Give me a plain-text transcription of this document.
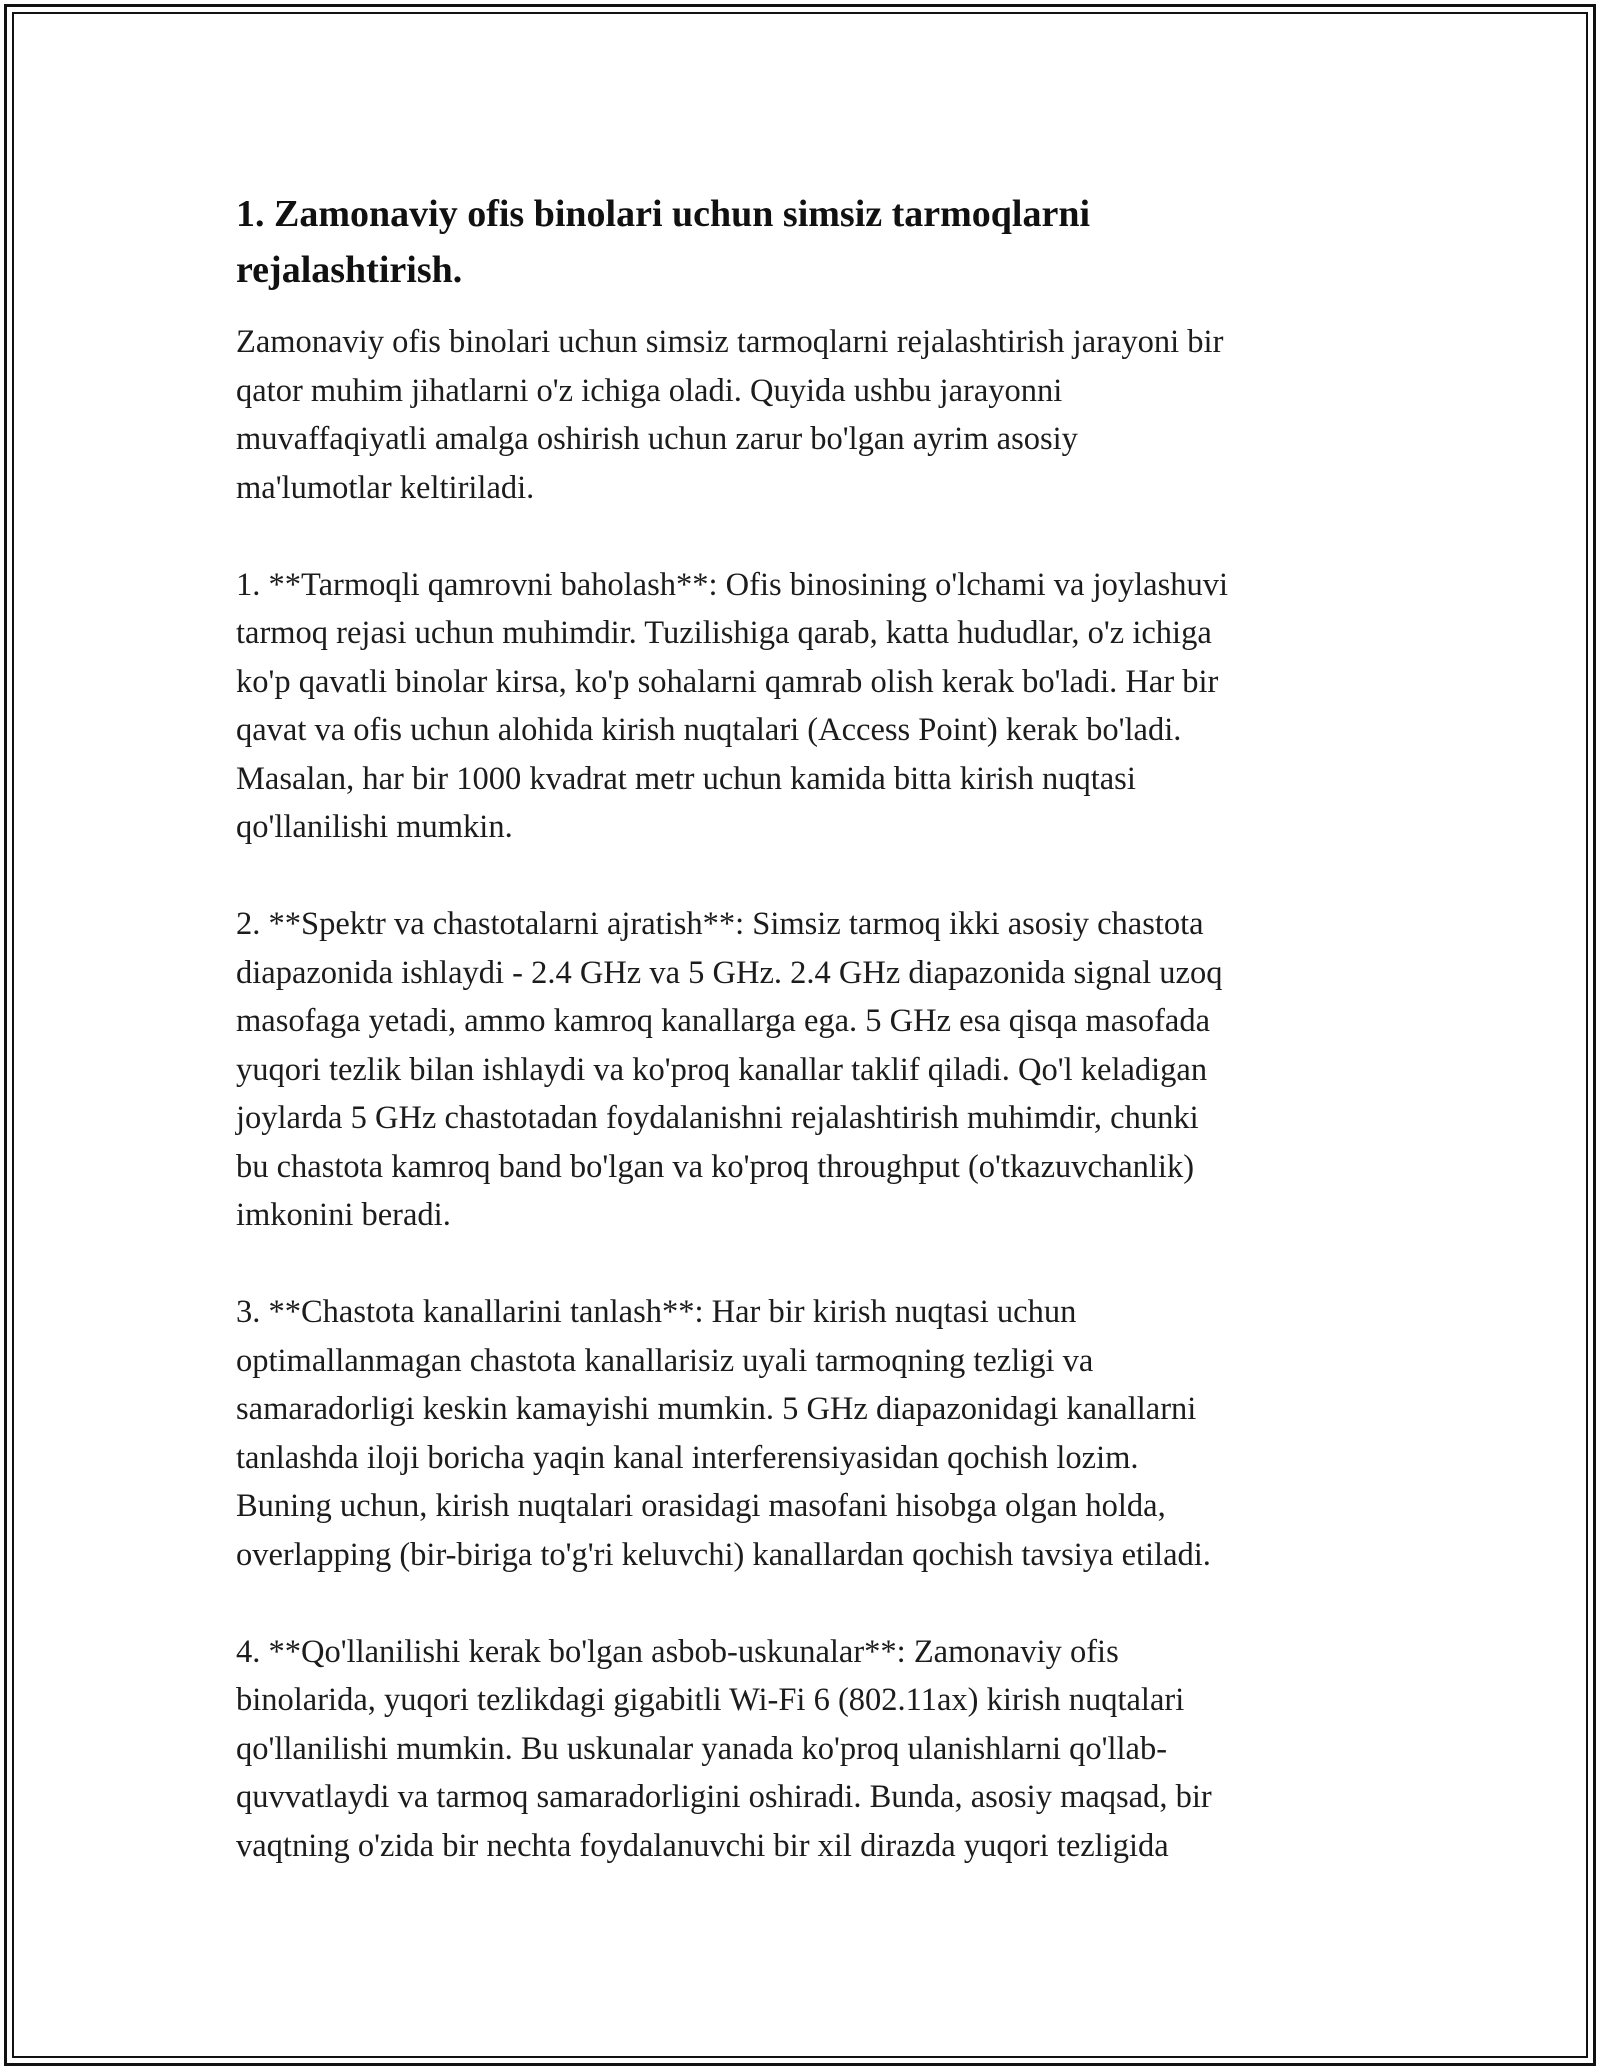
1. Zamonaviy ofis binolari uchun simsiz tarmoqlarni
rejalashtirish.

Zamonaviy ofis binolari uchun simsiz tarmoqlarni rejalashtirish jarayoni bir
qator muhim jihatlarni o'z ichiga oladi. Quyida ushbu jarayonni
muvaffaqiyatli amalga oshirish uchun zarur bo'lgan ayrim asosiy
ma'lumotlar keltiriladi.

1. **Tarmoqli qamrovni baholash**: Ofis binosining o'lchami va joylashuvi
tarmoq rejasi uchun muhimdir. Tuzilishiga qarab, katta hududlar, o'z ichiga
ko'p qavatli binolar kirsa, ko'p sohalarni qamrab olish kerak bo'ladi. Har bir
qavat va ofis uchun alohida kirish nuqtalari (Access Point) kerak bo'ladi.
Masalan, har bir 1000 kvadrat metr uchun kamida bitta kirish nuqtasi
qo'llanilishi mumkin.

2. **Spektr va chastotalarni ajratish**: Simsiz tarmoq ikki asosiy chastota
diapazonida ishlaydi - 2.4 GHz va 5 GHz. 2.4 GHz diapazonida signal uzoq
masofaga yetadi, ammo kamroq kanallarga ega. 5 GHz esa qisqa masofada
yuqori tezlik bilan ishlaydi va ko'proq kanallar taklif qiladi. Qo'l keladigan
joylarda 5 GHz chastotadan foydalanishni rejalashtirish muhimdir, chunki
bu chastota kamroq band bo'lgan va ko'proq throughput (o'tkazuvchanlik)
imkonini beradi.

3. **Chastota kanallarini tanlash**: Har bir kirish nuqtasi uchun
optimallanmagan chastota kanallarisiz uyali tarmoqning tezligi va
samaradorligi keskin kamayishi mumkin. 5 GHz diapazonidagi kanallarni
tanlashda iloji boricha yaqin kanal interferensiyasidan qochish lozim.
Buning uchun, kirish nuqtalari orasidagi masofani hisobga olgan holda,
overlapping (bir-biriga to'g'ri keluvchi) kanallardan qochish tavsiya etiladi.

4. **Qo'llanilishi kerak bo'lgan asbob-uskunalar**: Zamonaviy ofis
binolarida, yuqori tezlikdagi gigabitli Wi-Fi 6 (802.11ax) kirish nuqtalari
qo'llanilishi mumkin. Bu uskunalar yanada ko'proq ulanishlarni qo'llab-
quvvatlaydi va tarmoq samaradorligini oshiradi. Bunda, asosiy maqsad, bir
vaqtning o'zida bir nechta foydalanuvchi bir xil dirazda yuqori tezligida
